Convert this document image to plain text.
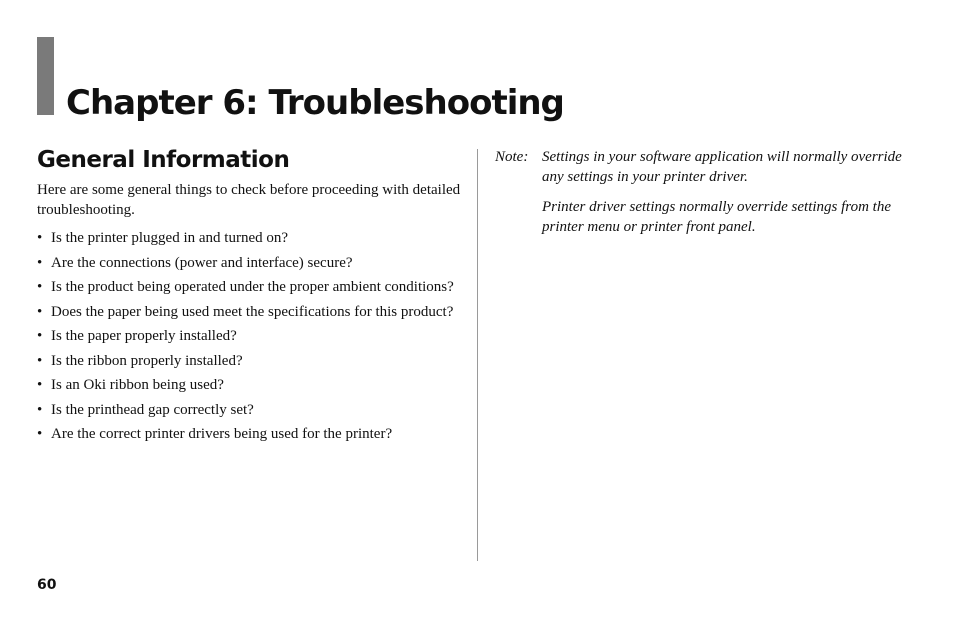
Chapter 6: Troubleshooting
General Information

Here are some general things to check before proceeding with detailed troubleshooting.

• Is the printer plugged in and turned on?
• Are the connections (power and interface) secure?
• Is the product being operated under the proper ambient conditions?
• Does the paper being used meet the specifications for this product?
• Is the paper properly installed?
• Is the ribbon properly installed?
• Is an Oki ribbon being used?
• Is the printhead gap correctly set?
• Are the correct printer drivers being used for the printer?
Note: Settings in your software application will normally override any settings in your printer driver.

Printer driver settings normally override settings from the printer menu or printer front panel.

60
